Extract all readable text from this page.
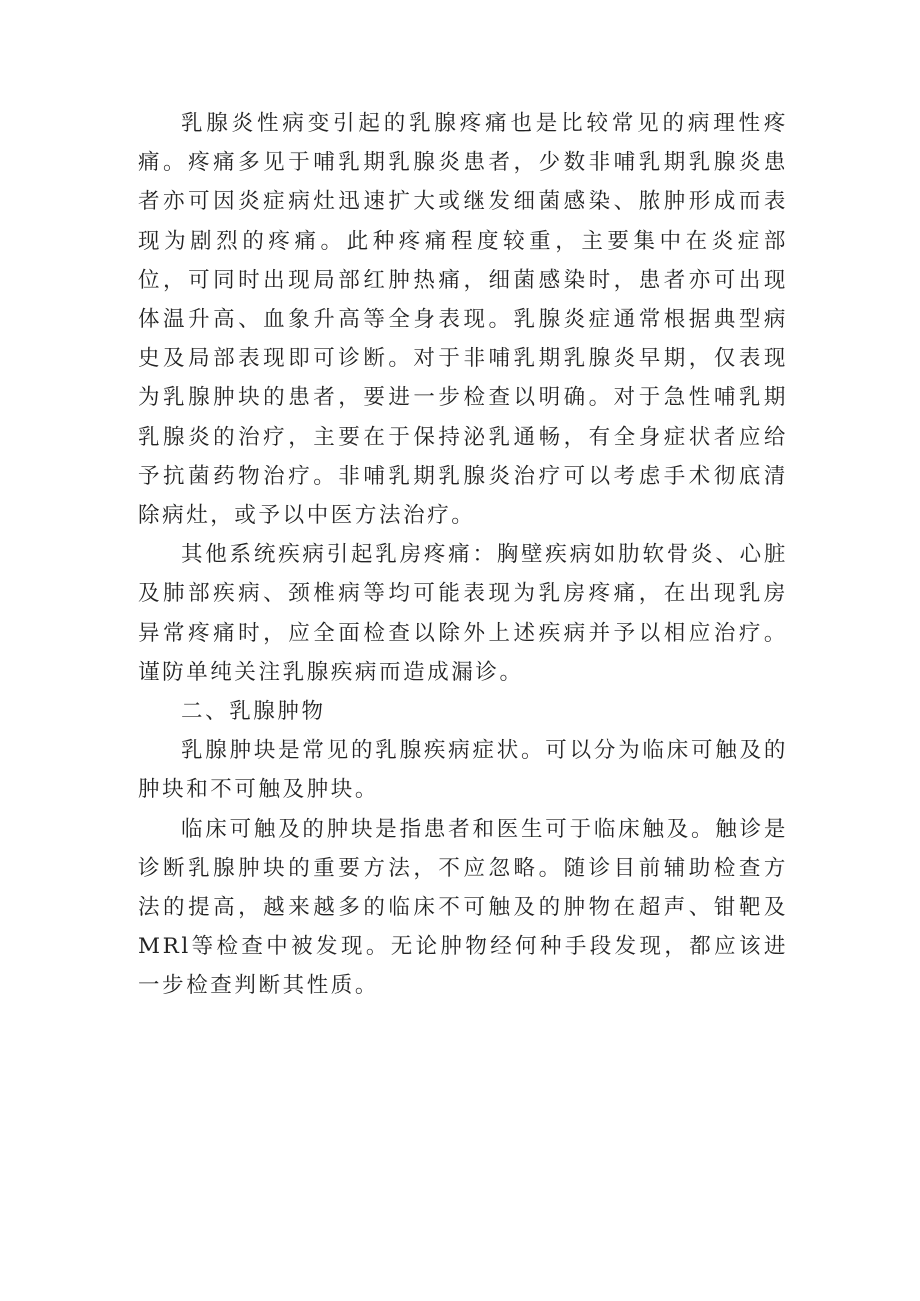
乳腺炎性病变引起的乳腺疼痛也是比较常见的病理性疼痛。疼痛多见于哺乳期乳腺炎患者，少数非哺乳期乳腺炎患者亦可因炎症病灶迅速扩大或继发细菌感染、脓肿形成而表现为剧烈的疼痛。此种疼痛程度较重，主要集中在炎症部位，可同时出现局部红肿热痛，细菌感染时，患者亦可出现体温升高、血象升高等全身表现。乳腺炎症通常根据典型病史及局部表现即可诊断。对于非哺乳期乳腺炎早期，仅表现为乳腺肿块的患者，要进一步检查以明确。对于急性哺乳期乳腺炎的治疗，主要在于保持泌乳通畅，有全身症状者应给予抗菌药物治疗。非哺乳期乳腺炎治疗可以考虑手术彻底清除病灶，或予以中医方法治疗。

其他系统疾病引起乳房疼痛：胸壁疾病如肋软骨炎、心脏及肺部疾病、颈椎病等均可能表现为乳房疼痛，在出现乳房异常疼痛时，应全面检查以除外上述疾病并予以相应治疗。谨防单纯关注乳腺疾病而造成漏诊。

二、乳腺肿物

乳腺肿块是常见的乳腺疾病症状。可以分为临床可触及的肿块和不可触及肿块。

临床可触及的肿块是指患者和医生可于临床触及。触诊是诊断乳腺肿块的重要方法，不应忽略。随诊目前辅助检查方法的提高，越来越多的临床不可触及的肿物在超声、钳靶及MRl等检查中被发现。无论肿物经何种手段发现，都应该进一步检查判断其性质。
